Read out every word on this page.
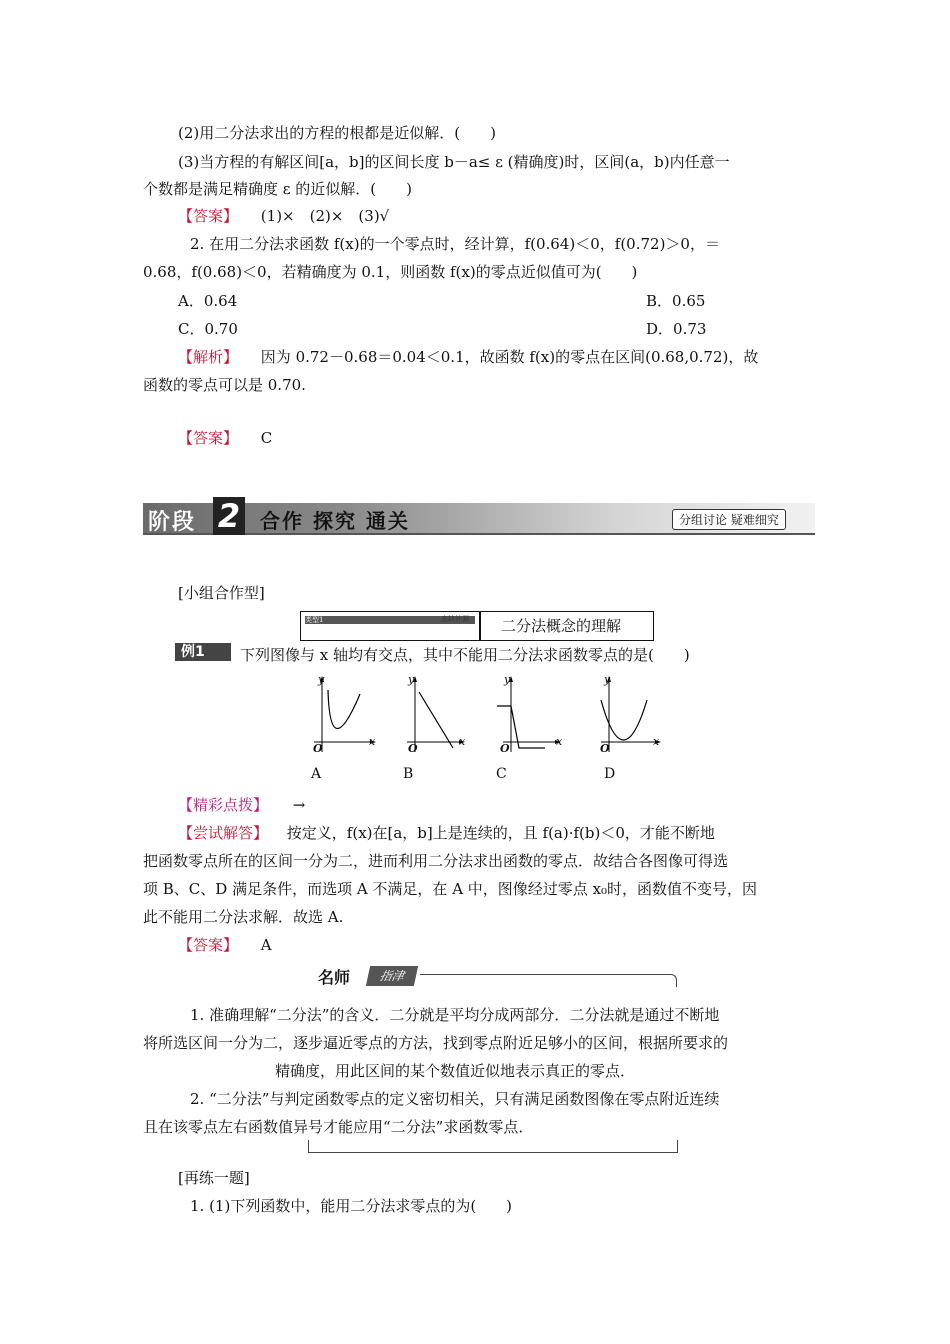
(2)用二分法求出的方程的根都是近似解．(　　)
(3)当方程的有解区间[a，b]的区间长度 b－a≤ ε (精确度)时，区间(a，b)内任意一
个数都是满足精确度 ε 的近似解．(　　)
【答案】 (1)×　(2)×　(3)√
2. 在用二分法求函数 f(x)的一个零点时，经计算，f(0.64)＜0，f(0.72)＞0，＝
0.68，f(0.68)＜0，若精确度为 0.1，则函数 f(x)的零点近似值可为(　　)
A．0.64	B．0.65
C．0.70	D．0.73
【解析】 因为 0.72－0.68＝0.04＜0.1，故函数 f(x)的零点在区间(0.68,0.72)，故
函数的零点可以是 0.70.
【答案】 C
阶段 2 合作 探究 通关	分组讨论 疑难细究
[小组合作型]
类型1	查缺补漏 二分法概念的理解
例1	下列图像与 x 轴均有交点，其中不能用二分法求函数零点的是(　　)
y
x
O
y
x
O
y
x
O
y
x
O
A	B	C	D
【精彩点拨】 →
【尝试解答】 按定义，f(x)在[a，b]上是连续的，且 f(a)·f(b)＜0，才能不断地
把函数零点所在的区间一分为二，进而利用二分法求出函数的零点．故结合各图像可得选
项 B、C、D 满足条件，而选项 A 不满足，在 A 中，图像经过零点 x₀时，函数值不变号，因
此不能用二分法求解．故选 A.
【答案】 A
名师	指津
1. 准确理解“二分法”的含义．二分就是平均分成两部分．二分法就是通过不断地
将所选区间一分为二，逐步逼近零点的方法，找到零点附近足够小的区间，根据所要求的
精确度，用此区间的某个数值近似地表示真正的零点．
2. “二分法”与判定函数零点的定义密切相关，只有满足函数图像在零点附近连续
且在该零点左右函数值异号才能应用“二分法”求函数零点．
[再练一题]
1. (1)下列函数中，能用二分法求零点的为(　　)
